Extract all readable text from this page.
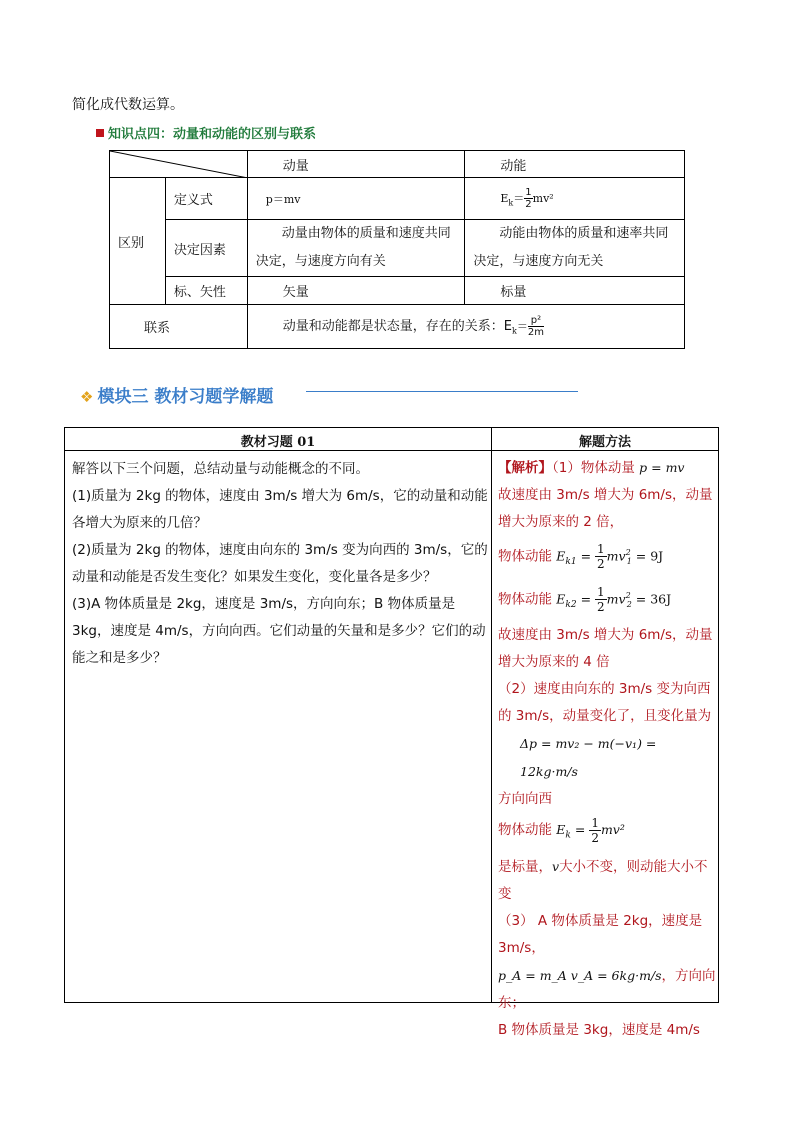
简化成代数运算。
知识点四：动量和动能的区别与联系
	动量	动能
区别	定义式	p＝mv	$E_k= \frac{1}{2} mv^2$
	决定因素	动量由物体的质量和速度共同决定，与速度方向有关	动能由物体的质量和速率共同决定，与速度方向无关
	标、矢性	矢量	标量
联系		动量和动能都是状态量，存在的关系：$E_k= \frac{\text{p²}}{2m}$
❖ 模块三 教材习题学解题
教材习题 01	解题方法
解答以下三个问题，总结动量与动能概念的不同。
(1)质量为 2kg 的物体，速度由 3m/s 增大为 6m/s，它的动量和动能各增大为原来的几倍？
(2)质量为 2kg 的物体，速度由向东的 3m/s 变为向西的 3m/s，它的动量和动能是否发生变化？如果发生变化，变化量各是多少？
(3)A 物体质量是 2kg，速度是 3m/s，方向向东；B 物体质量是 3kg，速度是 4m/s，方向向西。它们动量的矢量和是多少？它们的动能之和是多少？
【解析】（1）物体动量 p = mv
故速度由 3m/s 增大为 6m/s，动量增大为原来的 2 倍，
物体动能 $E_{k1} = \frac{1}{2} mv^2_1 = 9J$
物体动能 $E_{k2} = \frac{1}{2} mv^2_2 = 36J$
故速度由 3m/s 增大为 6m/s，动量增大为原来的 4 倍
（2）速度由向东的 3m/s 变为向西的 3m/s，动量变化了，且变化量为
Δp = mv₂ − m(−v₁) = 12kg·m/s
方向向西
物体动能 $E_k = \frac{1}{2} mv^2$
是标量，v大小不变，则动能大小不变
（3） A 物体质量是 2kg，速度是 3m/s，
p_A = m_A v_A = 6kg·m/s，方向向东；
B 物体质量是 3kg，速度是 4m/s
